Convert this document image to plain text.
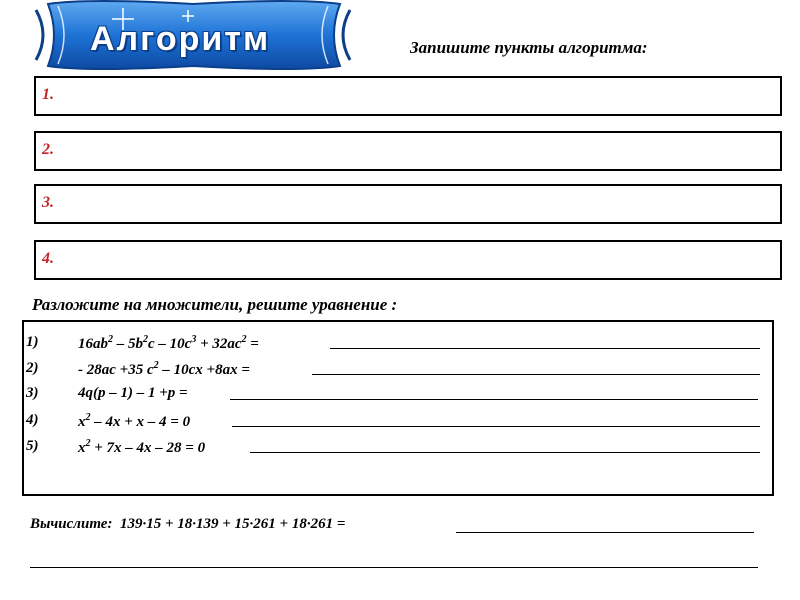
Алгоритм	Запишите пункты алгоритма:
1.
2.
3.
4.
Разложите на множители, решите уравнение :
1)	$16ab^2 - 5b^2c - 10c^3 + 32ac^2$ =
2)	- 28ac +35 $c^2 - 10cx +8ax$ =
3)	4q(p – 1) – 1 +p =
4)	$x^2 - 4x + x - 4 = 0$
5)	$x^2 + 7x - 4x - 28 = 0$
Вычислите: 139·15 + 18·139 + 15·261 + 18·261 =
